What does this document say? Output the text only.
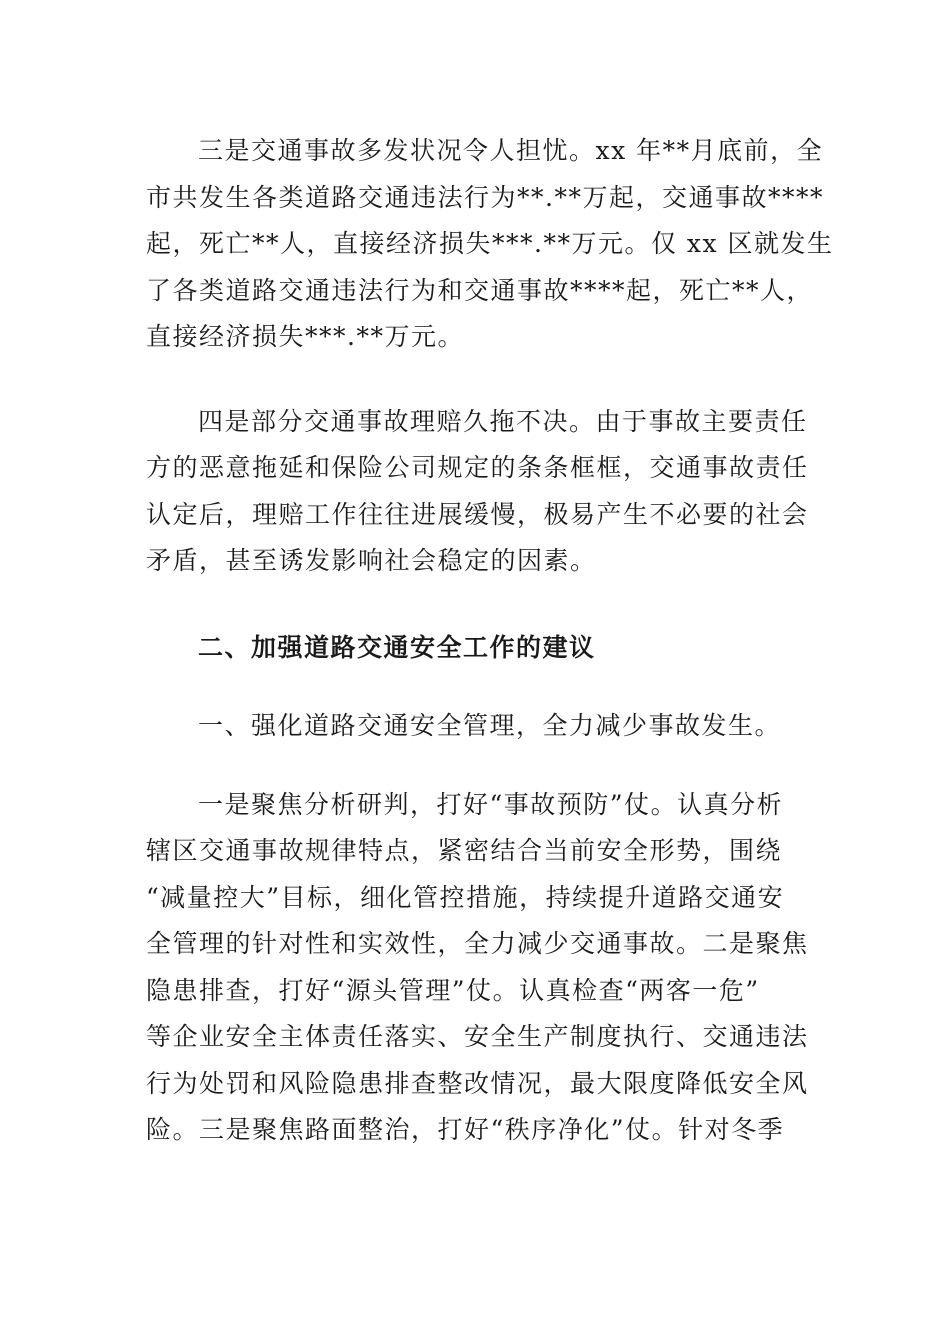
三是交通事故多发状况令人担忧。xx 年**月底前，全
市共发生各类道路交通违法行为**.**万起，交通事故****
起，死亡**人，直接经济损失***.**万元。仅 xx 区就发生
了各类道路交通违法行为和交通事故****起，死亡**人，
直接经济损失***.**万元。

四是部分交通事故理赔久拖不决。由于事故主要责任
方的恶意拖延和保险公司规定的条条框框，交通事故责任
认定后，理赔工作往往进展缓慢，极易产生不必要的社会
矛盾，甚至诱发影响社会稳定的因素。

二、加强道路交通安全工作的建议

一、强化道路交通安全管理，全力减少事故发生。

一是聚焦分析研判，打好“事故预防”仗。认真分析
辖区交通事故规律特点，紧密结合当前安全形势，围绕
“减量控大”目标，细化管控措施，持续提升道路交通安
全管理的针对性和实效性，全力减少交通事故。二是聚焦
隐患排查，打好“源头管理”仗。认真检查“两客一危”
等企业安全主体责任落实、安全生产制度执行、交通违法
行为处罚和风险隐患排查整改情况，最大限度降低安全风
险。三是聚焦路面整治，打好“秩序净化”仗。针对冬季
